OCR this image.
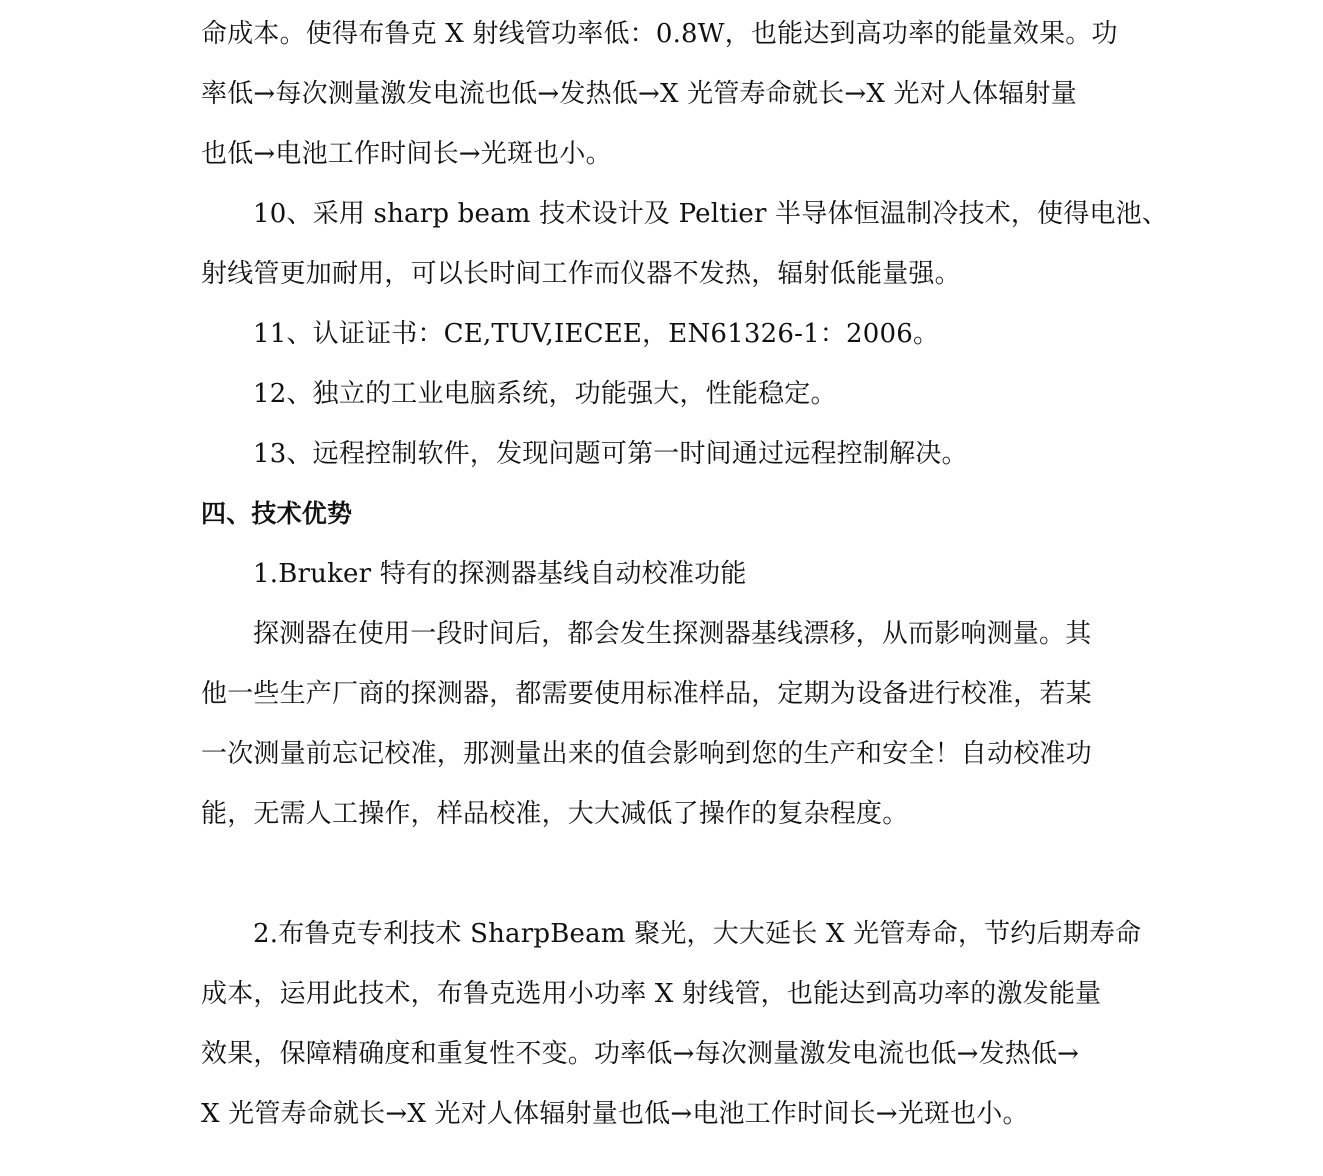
命成本。使得布鲁克 X 射线管功率低：0.8W，也能达到高功率的能量效果。功
率低→每次测量激发电流也低→发热低→X 光管寿命就长→X 光对人体辐射量
也低→电池工作时间长→光斑也小。
10、采用 sharp beam 技术设计及 Peltier 半导体恒温制冷技术，使得电池、
射线管更加耐用，可以长时间工作而仪器不发热，辐射低能量强。
11、认证证书：CE,TUV,IECEE，EN61326-1：2006。
12、独立的工业电脑系统，功能强大，性能稳定。
13、远程控制软件，发现问题可第一时间通过远程控制解决。
四、技术优势
1.Bruker 特有的探测器基线自动校准功能
探测器在使用一段时间后，都会发生探测器基线漂移，从而影响测量。其
他一些生产厂商的探测器，都需要使用标准样品，定期为设备进行校准，若某
一次测量前忘记校准，那测量出来的值会影响到您的生产和安全！自动校准功
能，无需人工操作，样品校准，大大减低了操作的复杂程度。
2.布鲁克专利技术 SharpBeam 聚光，大大延长 X 光管寿命，节约后期寿命
成本，运用此技术，布鲁克选用小功率 X 射线管，也能达到高功率的激发能量
效果，保障精确度和重复性不变。功率低→每次测量激发电流也低→发热低→
X 光管寿命就长→X 光对人体辐射量也低→电池工作时间长→光斑也小。
